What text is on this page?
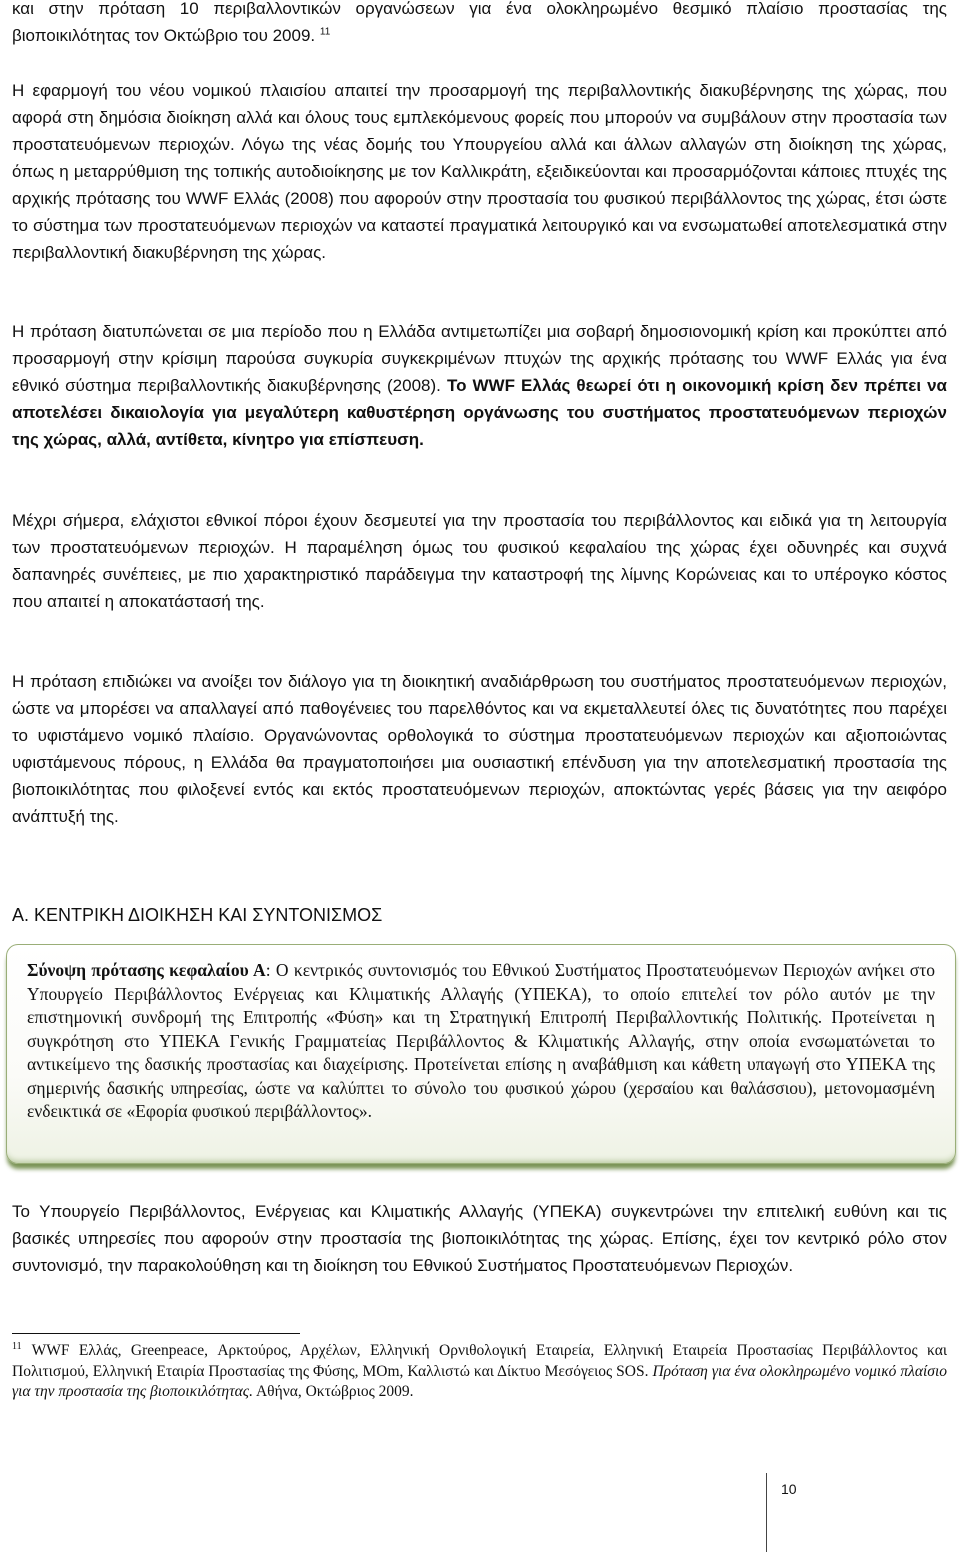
και στην πρόταση 10 περιβαλλοντικών οργανώσεων για ένα ολοκληρωμένο θεσμικό πλαίσιο προστασίας της βιοποικιλότητας τον Οκτώβριο του 2009. $^{11}$

Η εφαρμογή του νέου νομικού πλαισίου απαιτεί την προσαρμογή της περιβαλλοντικής διακυβέρνησης της χώρας, που αφορά στη δημόσια διοίκηση αλλά και όλους τους εμπλεκόμενους φορείς που μπορούν να συμβάλουν στην προστασία των προστατευόμενων περιοχών. Λόγω της νέας δομής του Υπουργείου αλλά και άλλων αλλαγών στη διοίκηση της χώρας, όπως η μεταρρύθμιση της τοπικής αυτοδιοίκησης με τον Καλλικράτη, εξειδικεύονται και προσαρμόζονται κάποιες πτυχές της αρχικής πρότασης του WWF Ελλάς (2008) που αφορούν στην προστασία του φυσικού περιβάλλοντος της χώρας, έτσι ώστε το σύστημα των προστατευόμενων περιοχών να καταστεί πραγματικά λειτουργικό και να ενσωματωθεί αποτελεσματικά στην περιβαλλοντική διακυβέρνηση της χώρας.

Η πρόταση διατυπώνεται σε μια περίοδο που η Ελλάδα αντιμετωπίζει μια σοβαρή δημοσιονομική κρίση και προκύπτει από προσαρμογή στην κρίσιμη παρούσα συγκυρία συγκεκριμένων πτυχών της αρχικής πρότασης του WWF Ελλάς για ένα εθνικό σύστημα περιβαλλοντικής διακυβέρνησης (2008). Το WWF Ελλάς θεωρεί ότι η οικονομική κρίση δεν πρέπει να αποτελέσει δικαιολογία για μεγαλύτερη καθυστέρηση οργάνωσης του συστήματος προστατευόμενων περιοχών της χώρας, αλλά, αντίθετα, κίνητρο για επίσπευση.

Μέχρι σήμερα, ελάχιστοι εθνικοί πόροι έχουν δεσμευτεί για την προστασία του περιβάλλοντος και ειδικά για τη λειτουργία των προστατευόμενων περιοχών. Η παραμέληση όμως του φυσικού κεφαλαίου της χώρας έχει οδυνηρές και συχνά δαπανηρές συνέπειες, με πιο χαρακτηριστικό παράδειγμα την καταστροφή της λίμνης Κορώνειας και το υπέρογκο κόστος που απαιτεί η αποκατάστασή της.

Η πρόταση επιδιώκει να ανοίξει τον διάλογο για τη διοικητική αναδιάρθρωση του συστήματος προστατευόμενων περιοχών, ώστε να μπορέσει να απαλλαγεί από παθογένειες του παρελθόντος και να εκμεταλλευτεί όλες τις δυνατότητες που παρέχει το υφιστάμενο νομικό πλαίσιο. Οργανώνοντας ορθολογικά το σύστημα προστατευόμενων περιοχών και αξιοποιώντας υφιστάμενους πόρους, η Ελλάδα θα πραγματοποιήσει μια ουσιαστική επένδυση για την αποτελεσματική προστασία της βιοποικιλότητας που φιλοξενεί εντός και εκτός προστατευόμενων περιοχών, αποκτώντας γερές βάσεις για την αειφόρο ανάπτυξή της.

Α. ΚΕΝΤΡΙΚΗ ΔΙΟΙΚΗΣΗ ΚΑΙ ΣΥΝΤΟΝΙΣΜΟΣ

Σύνοψη πρότασης κεφαλαίου Α: Ο κεντρικός συντονισμός του Εθνικού Συστήματος Προστατευόμενων Περιοχών ανήκει στο Υπουργείο Περιβάλλοντος Ενέργειας και Κλιματικής Αλλαγής (ΥΠΕΚΑ), το οποίο επιτελεί τον ρόλο αυτόν με την επιστημονική συνδρομή της Επιτροπής «Φύση» και τη Στρατηγική Επιτροπή Περιβαλλοντικής Πολιτικής. Προτείνεται η συγκρότηση στο ΥΠΕΚΑ Γενικής Γραμματείας Περιβάλλοντος & Κλιματικής Αλλαγής, στην οποία ενσωματώνεται το αντικείμενο της δασικής προστασίας και διαχείρισης. Προτείνεται επίσης η αναβάθμιση και κάθετη υπαγωγή στο ΥΠΕΚΑ της σημερινής δασικής υπηρεσίας, ώστε να καλύπτει το σύνολο του φυσικού χώρου (χερσαίου και θαλάσσιου), μετονομασμένη ενδεικτικά σε «Εφορία φυσικού περιβάλλοντος».

Το Υπουργείο Περιβάλλοντος, Ενέργειας και Κλιματικής Αλλαγής (ΥΠΕΚΑ) συγκεντρώνει την επιτελική ευθύνη και τις βασικές υπηρεσίες που αφορούν στην προστασία της βιοποικιλότητας της χώρας. Επίσης, έχει τον κεντρικό ρόλο στον συντονισμό, την παρακολούθηση και τη διοίκηση του Εθνικού Συστήματος Προστατευόμενων Περιοχών.

$^{11}$ WWF Ελλάς, Greenpeace, Αρκτούρος, Αρχέλων, Ελληνική Ορνιθολογική Εταιρεία, Ελληνική Εταιρεία Προστασίας Περιβάλλοντος και Πολιτισμού, Ελληνική Εταιρία Προστασίας της Φύσης, MOm, Καλλιστώ και Δίκτυο Μεσόγειος SOS. Πρόταση για ένα ολοκληρωμένο νομικό πλαίσιο για την προστασία της βιοποικιλότητας. Αθήνα, Οκτώβριος 2009.

10
